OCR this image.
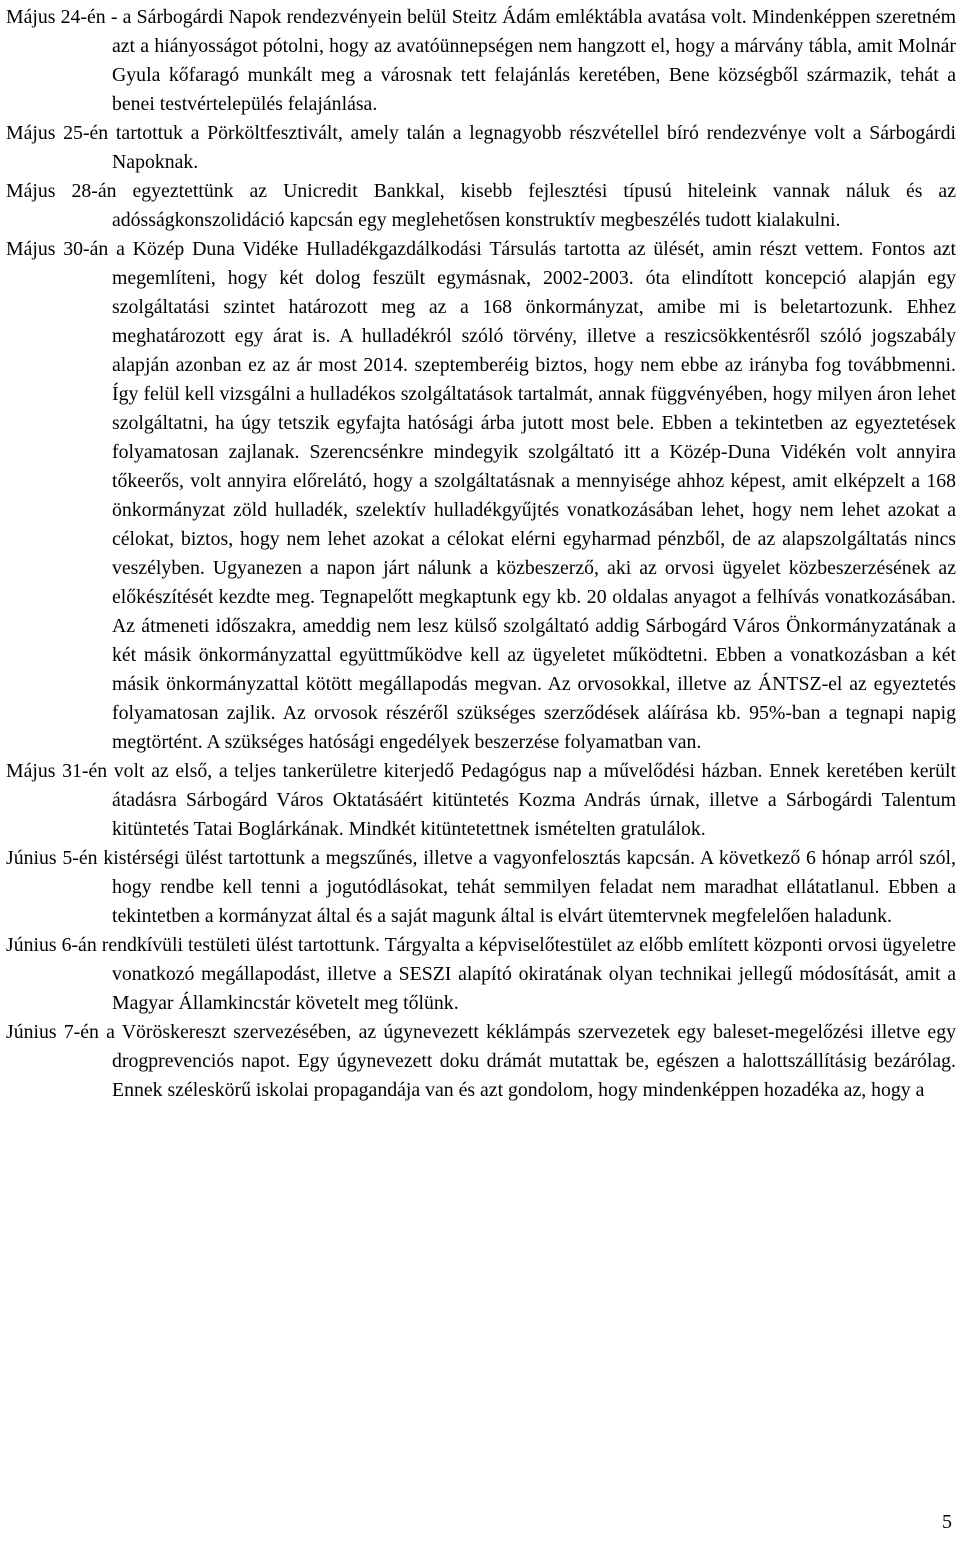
Május 24-én - a Sárbogárdi Napok rendezvényein belül Steitz Ádám emléktábla avatása volt. Mindenképpen szeretném azt a hiányosságot pótolni, hogy az avatóünnepségen nem hangzott el, hogy a márvány tábla, amit Molnár Gyula kőfaragó munkált meg a városnak tett felajánlás keretében, Bene községből származik, tehát a benei testvértelepülés felajánlása.

Május 25-én tartottuk a Pörköltfesztivált, amely talán a legnagyobb részvétellel bíró rendezvénye volt a Sárbogárdi Napoknak.

Május 28-án egyeztettünk az Unicredit Bankkal, kisebb fejlesztési típusú hiteleink vannak náluk és az adósságkonszolidáció kapcsán egy meglehetősen konstruktív megbeszélés tudott kialakulni.

Május 30-án a Közép Duna Vidéke Hulladékgazdálkodási Társulás tartotta az ülését, amin részt vettem. Fontos azt megemlíteni, hogy két dolog feszült egymásnak, 2002-2003. óta elindított koncepció alapján egy szolgáltatási szintet határozott meg az a 168 önkormányzat, amibe mi is beletartozunk. Ehhez meghatározott egy árat is. A hulladékról szóló törvény, illetve a reszicsökkentésről szóló jogszabály alapján azonban ez az ár most 2014. szeptemberéig biztos, hogy nem ebbe az irányba fog továbbmenni. Így felül kell vizsgálni a hulladékos szolgáltatások tartalmát, annak függvényében, hogy milyen áron lehet szolgáltatni, ha úgy tetszik egyfajta hatósági árba jutott most bele. Ebben a tekintetben az egyeztetések folyamatosan zajlanak. Szerencsénkre mindegyik szolgáltató itt a Közép-Duna Vidékén volt annyira tőkeerős, volt annyira előrelátó, hogy a szolgáltatásnak a mennyisége ahhoz képest, amit elképzelt a 168 önkormányzat zöld hulladék, szelektív hulladékgyűjtés vonatkozásában lehet, hogy nem lehet azokat a célokat, biztos, hogy nem lehet azokat a célokat elérni egyharmad pénzből, de az alapszolgáltatás nincs veszélyben. Ugyanezen a napon járt nálunk a közbeszerző, aki az orvosi ügyelet közbeszerzésének az előkészítését kezdte meg. Tegnapelőtt megkaptunk egy kb. 20 oldalas anyagot a felhívás vonatkozásában. Az átmeneti időszakra, ameddig nem lesz külső szolgáltató addig Sárbogárd Város Önkormányzatának a két másik önkormányzattal együttműködve kell az ügyeletet működtetni. Ebben a vonatkozásban a két másik önkormányzattal kötött megállapodás megvan. Az orvosokkal, illetve az ÁNTSZ-el az egyeztetés folyamatosan zajlik. Az orvosok részéről szükséges szerződések aláírása kb. 95%-ban a tegnapi napig megtörtént. A szükséges hatósági engedélyek beszerzése folyamatban van.

Május 31-én volt az első, a teljes tankerületre kiterjedő Pedagógus nap a művelődési házban. Ennek keretében került átadásra Sárbogárd Város Oktatásáért kitüntetés Kozma András úrnak, illetve a Sárbogárdi Talentum kitüntetés Tatai Boglárkának. Mindkét kitüntetettnek ismételten gratulálok.

Június 5-én kistérségi ülést tartottunk a megszűnés, illetve a vagyonfelosztás kapcsán. A következő 6 hónap arról szól, hogy rendbe kell tenni a jogutódlásokat, tehát semmilyen feladat nem maradhat ellátatlanul. Ebben a tekintetben a kormányzat által és a saját magunk által is elvárt ütemtervnek megfelelően haladunk.

Június 6-án rendkívüli testületi ülést tartottunk. Tárgyalta a képviselőtestület az előbb említett központi orvosi ügyeletre vonatkozó megállapodást, illetve a SESZI alapító okiratának olyan technikai jellegű módosítását, amit a Magyar Államkincstár követelt meg tőlünk.

Június 7-én a Vöröskereszt szervezésében, az úgynevezett kéklámpás szervezetek egy baleset-megelőzési illetve egy drogprevenciós napot. Egy úgynevezett doku drámát mutattak be, egészen a halottszállításig bezárólag. Ennek széleskörű iskolai propagandája van és azt gondolom, hogy mindenképpen hozadéka az, hogy a

5
